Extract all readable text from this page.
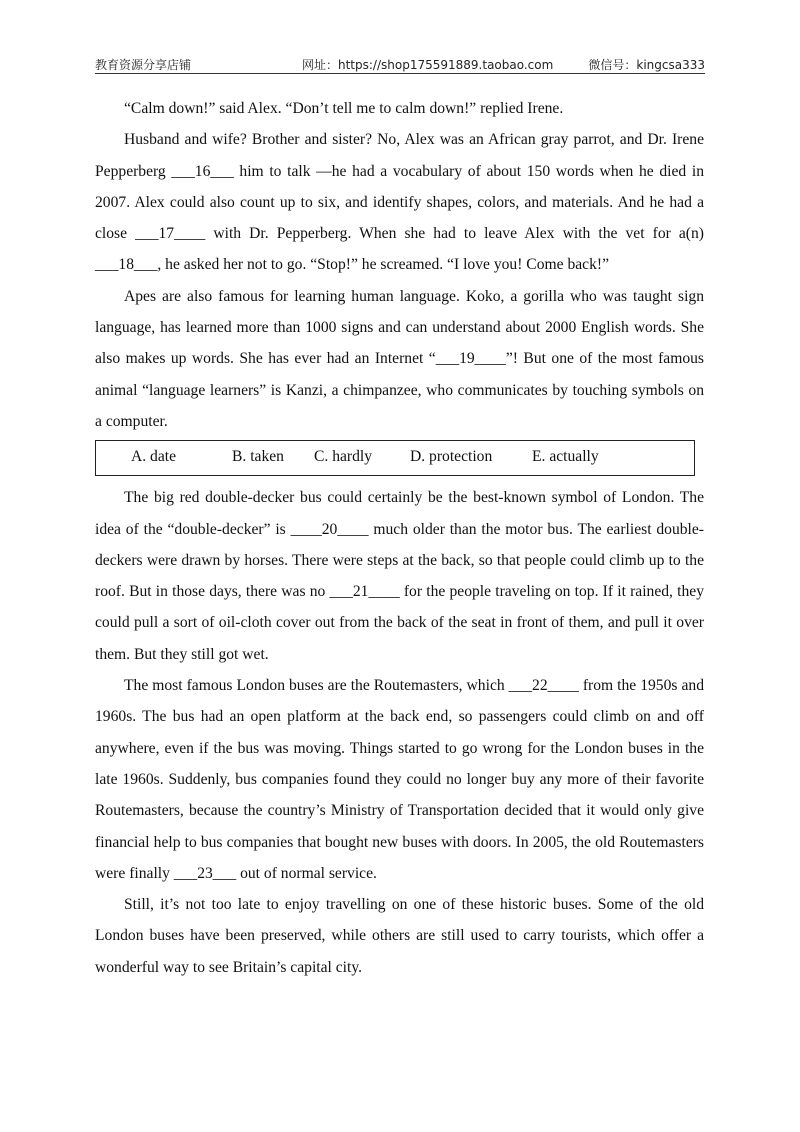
教育资源分享店铺	网址：https://shop175591889.taobao.com	微信号：kingcsa333

“Calm down!” said Alex. “Don’t tell me to calm down!” replied Irene.

Husband and wife? Brother and sister? No, Alex was an African gray parrot, and Dr. Irene Pepperberg ___16___ him to talk —he had a vocabulary of about 150 words when he died in 2007. Alex could also count up to six, and identify shapes, colors, and materials. And he had a close ___17____ with Dr. Pepperberg. When she had to leave Alex with the vet for a(n) ___18___, he asked her not to go. “Stop!” he screamed. “I love you! Come back!”

Apes are also famous for learning human language. Koko, a gorilla who was taught sign language, has learned more than 1000 signs and can understand about 2000 English words. She also makes up words. She has ever had an Internet “___19____”! But one of the most famous animal “language learners” is Kanzi, a chimpanzee, who communicates by touching symbols on a computer.

A. date	B. taken C. hardly D. protection	E. actually

The big red double-decker bus could certainly be the best-known symbol of London. The idea of the “double-decker” is ____20____ much older than the motor bus. The earliest double-deckers were drawn by horses. There were steps at the back, so that people could climb up to the roof. But in those days, there was no ___21____ for the people traveling on top. If it rained, they could pull a sort of oil-cloth cover out from the back of the seat in front of them, and pull it over them. But they still got wet.

The most famous London buses are the Routemasters, which ___22____ from the 1950s and 1960s. The bus had an open platform at the back end, so passengers could climb on and off anywhere, even if the bus was moving. Things started to go wrong for the London buses in the late 1960s. Suddenly, bus companies found they could no longer buy any more of their favorite Routemasters, because the country’s Ministry of Transportation decided that it would only give financial help to bus companies that bought new buses with doors. In 2005, the old Routemasters were finally ___23___ out of normal service.

Still, it’s not too late to enjoy travelling on one of these historic buses. Some of the old London buses have been preserved, while others are still used to carry tourists, which offer a wonderful way to see Britain’s capital city.
